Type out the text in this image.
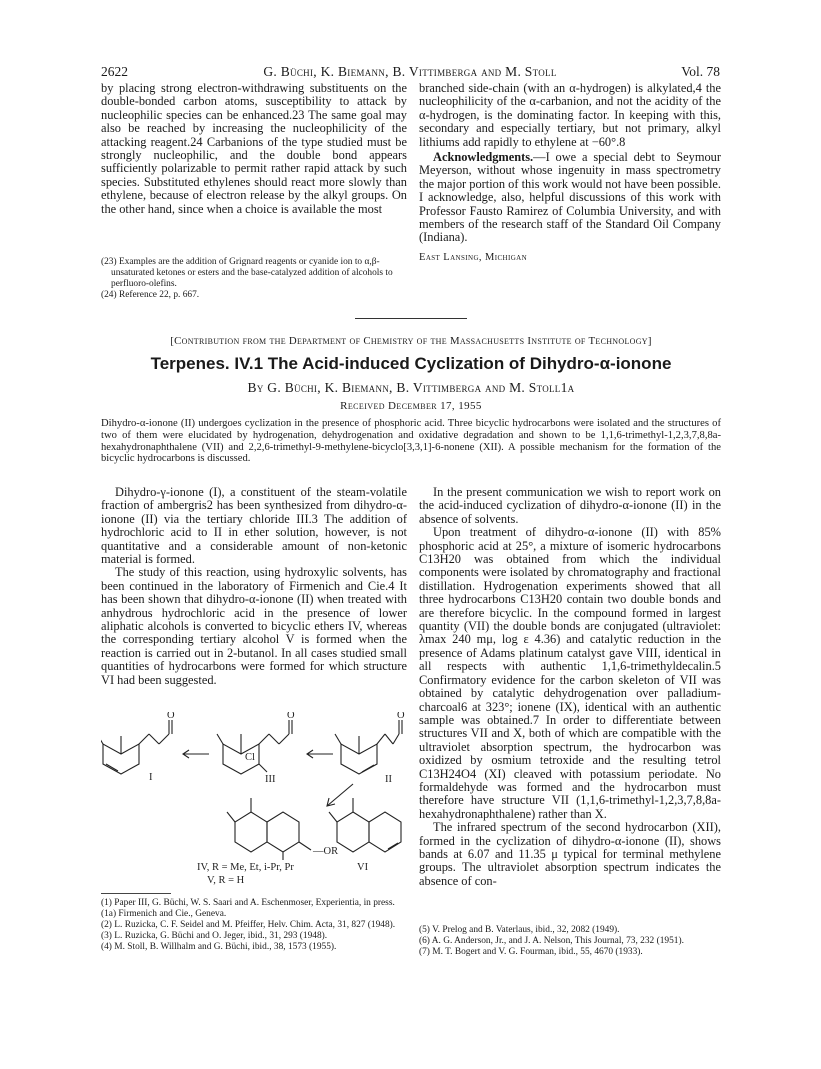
2622	G. Büchi, K. Biemann, B. Vittimberga and M. Stoll	Vol. 78

by placing strong electron-withdrawing substituents on the double-bonded carbon atoms, susceptibility to attack by nucleophilic species can be enhanced.23 The same goal may also be reached by increasing the nucleophilicity of the attacking reagent.24 Carbanions of the type studied must be strongly nucleophilic, and the double bond appears sufficiently polarizable to permit rather rapid attack by such species. Substituted ethylenes should react more slowly than ethylene, because of electron release by the alkyl groups. On the other hand, since when a choice is available the most

(23) Examples are the addition of Grignard reagents or cyanide ion to α,β-unsaturated ketones or esters and the base-catalyzed addition of alcohols to perfluoro-olefins.
(24) Reference 22, p. 667.

branched side-chain (with an α-hydrogen) is alkylated,4 the nucleophilicity of the α-carbanion, and not the acidity of the α-hydrogen, is the dominating factor. In keeping with this, secondary and especially tertiary, but not primary, alkyl lithiums add rapidly to ethylene at −60°.8

Acknowledgments.—I owe a special debt to Seymour Meyerson, without whose ingenuity in mass spectrometry the major portion of this work would not have been possible. I acknowledge, also, helpful discussions of this work with Professor Fausto Ramirez of Columbia University, and with members of the research staff of the Standard Oil Company (Indiana).

East Lansing, Michigan
[Contribution from the Department of Chemistry of the Massachusetts Institute of Technology]
Terpenes. IV.1 The Acid-induced Cyclization of Dihydro-α-ionone
By G. Büchi, K. Biemann, B. Vittimberga and M. Stoll1a
Received December 17, 1955
Dihydro-α-ionone (II) undergoes cyclization in the presence of phosphoric acid. Three bicyclic hydrocarbons were isolated and the structures of two of them were elucidated by hydrogenation, dehydrogenation and oxidative degradation and shown to be 1,1,6-trimethyl-1,2,3,7,8,8a-hexahydronaphthalene (VII) and 2,2,6-trimethyl-9-methylene-bicyclo[3,3,1]-6-nonene (XII). A possible mechanism for the formation of the bicyclic hydrocarbons is discussed.

Dihydro-γ-ionone (I), a constituent of the steam-volatile fraction of ambergris2 has been synthesized from dihydro-α-ionone (II) via the tertiary chloride III.3 The addition of hydrochloric acid to II in ether solution, however, is not quantitative and a considerable amount of non-ketonic material is formed.

The study of this reaction, using hydroxylic solvents, has been continued in the laboratory of Firmenich and Cie.4 It has been shown that dihydro-α-ionone (II) when treated with anhydrous hydrochloric acid in the presence of lower aliphatic alcohols is converted to bicyclic ethers IV, whereas the corresponding tertiary alcohol V is formed when the reaction is carried out in 2-butanol. In all cases studied small quantities of hydrocarbons were formed for which structure VI had been suggested.

O	O	O
Cl
—OR
I	III	II
VI
IV, R = Me, Et, i-Pr, Pr
V, R = H
(1) Paper III, G. Büchi, W. S. Saari and A. Eschenmoser, Experientia, in press.
(1a) Firmenich and Cie., Geneva.
(2) L. Ruzicka, C. F. Seidel and M. Pfeiffer, Helv. Chim. Acta, 31, 827 (1948).
(3) L. Ruzicka, G. Büchi and O. Jeger, ibid., 31, 293 (1948).
(4) M. Stoll, B. Willhalm and G. Büchi, ibid., 38, 1573 (1955).

In the present communication we wish to report work on the acid-induced cyclization of dihydro-α-ionone (II) in the absence of solvents.

Upon treatment of dihydro-α-ionone (II) with 85% phosphoric acid at 25°, a mixture of isomeric hydrocarbons C13H20 was obtained from which the individual components were isolated by chromatography and fractional distillation. Hydrogenation experiments showed that all three hydrocarbons C13H20 contain two double bonds and are therefore bicyclic. In the compound formed in largest quantity (VII) the double bonds are conjugated (ultraviolet: λmax 240 mμ, log ε 4.36) and catalytic reduction in the presence of Adams platinum catalyst gave VIII, identical in all respects with authentic 1,1,6-trimethyldecalin.5 Confirmatory evidence for the carbon skeleton of VII was obtained by catalytic dehydrogenation over palladium-charcoal6 at 323°; ionene (IX), identical with an authentic sample was obtained.7 In order to differentiate between structures VII and X, both of which are compatible with the ultraviolet absorption spectrum, the hydrocarbon was oxidized by osmium tetroxide and the resulting tetrol C13H24O4 (XI) cleaved with potassium periodate. No formaldehyde was formed and the hydrocarbon must therefore have structure VII (1,1,6-trimethyl-1,2,3,7,8,8a-hexahydronaphthalene) rather than X.

The infrared spectrum of the second hydrocarbon (XII), formed in the cyclization of dihydro-α-ionone (II), shows bands at 6.07 and 11.35 μ typical for terminal methylene groups. The ultraviolet absorption spectrum indicates the absence of con-

(5) V. Prelog and B. Vaterlaus, ibid., 32, 2082 (1949).
(6) A. G. Anderson, Jr., and J. A. Nelson, This Journal, 73, 232 (1951).
(7) M. T. Bogert and V. G. Fourman, ibid., 55, 4670 (1933).
